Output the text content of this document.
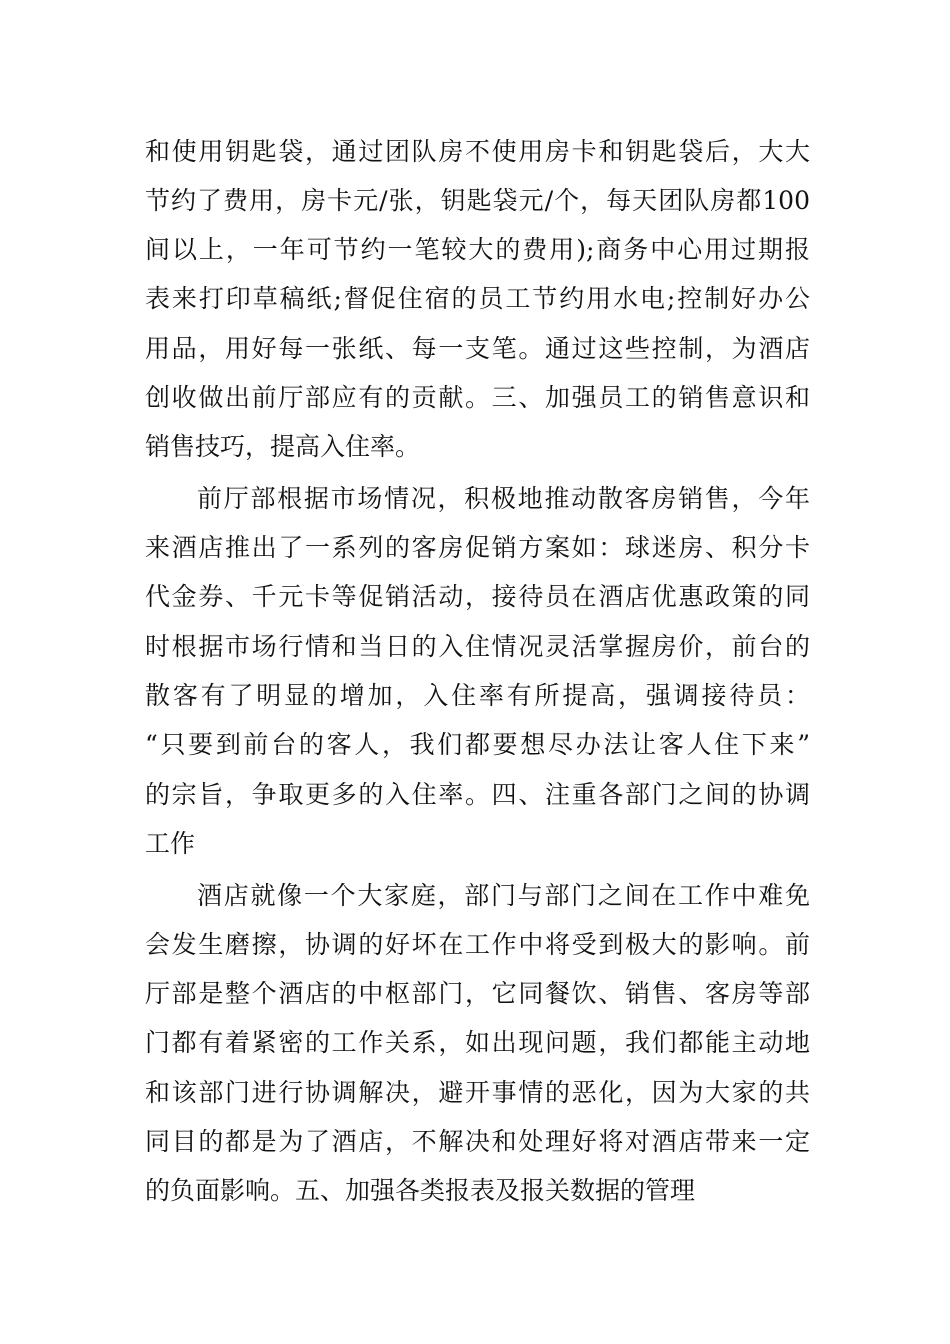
和使用钥匙袋，通过团队房不使用房卡和钥匙袋后，大大
节约了费用，房卡元/张，钥匙袋元/个，每天团队房都100
间以上，一年可节约一笔较大的费用);商务中心用过期报
表来打印草稿纸;督促住宿的员工节约用水电;控制好办公
用品，用好每一张纸、每一支笔。通过这些控制，为酒店
创收做出前厅部应有的贡献。三、加强员工的销售意识和
销售技巧，提高入住率。
前厅部根据市场情况，积极地推动散客房销售，今年
来酒店推出了一系列的客房促销方案如：球迷房、积分卡
代金券、千元卡等促销活动，接待员在酒店优惠政策的同
时根据市场行情和当日的入住情况灵活掌握房价，前台的
散客有了明显的增加，入住率有所提高，强调接待员：
“只要到前台的客人，我们都要想尽办法让客人住下来”
的宗旨，争取更多的入住率。四、注重各部门之间的协调
工作
酒店就像一个大家庭，部门与部门之间在工作中难免
会发生磨擦，协调的好坏在工作中将受到极大的影响。前
厅部是整个酒店的中枢部门，它同餐饮、销售、客房等部
门都有着紧密的工作关系，如出现问题，我们都能主动地
和该部门进行协调解决，避开事情的恶化，因为大家的共
同目的都是为了酒店，不解决和处理好将对酒店带来一定
的负面影响。五、加强各类报表及报关数据的管理
